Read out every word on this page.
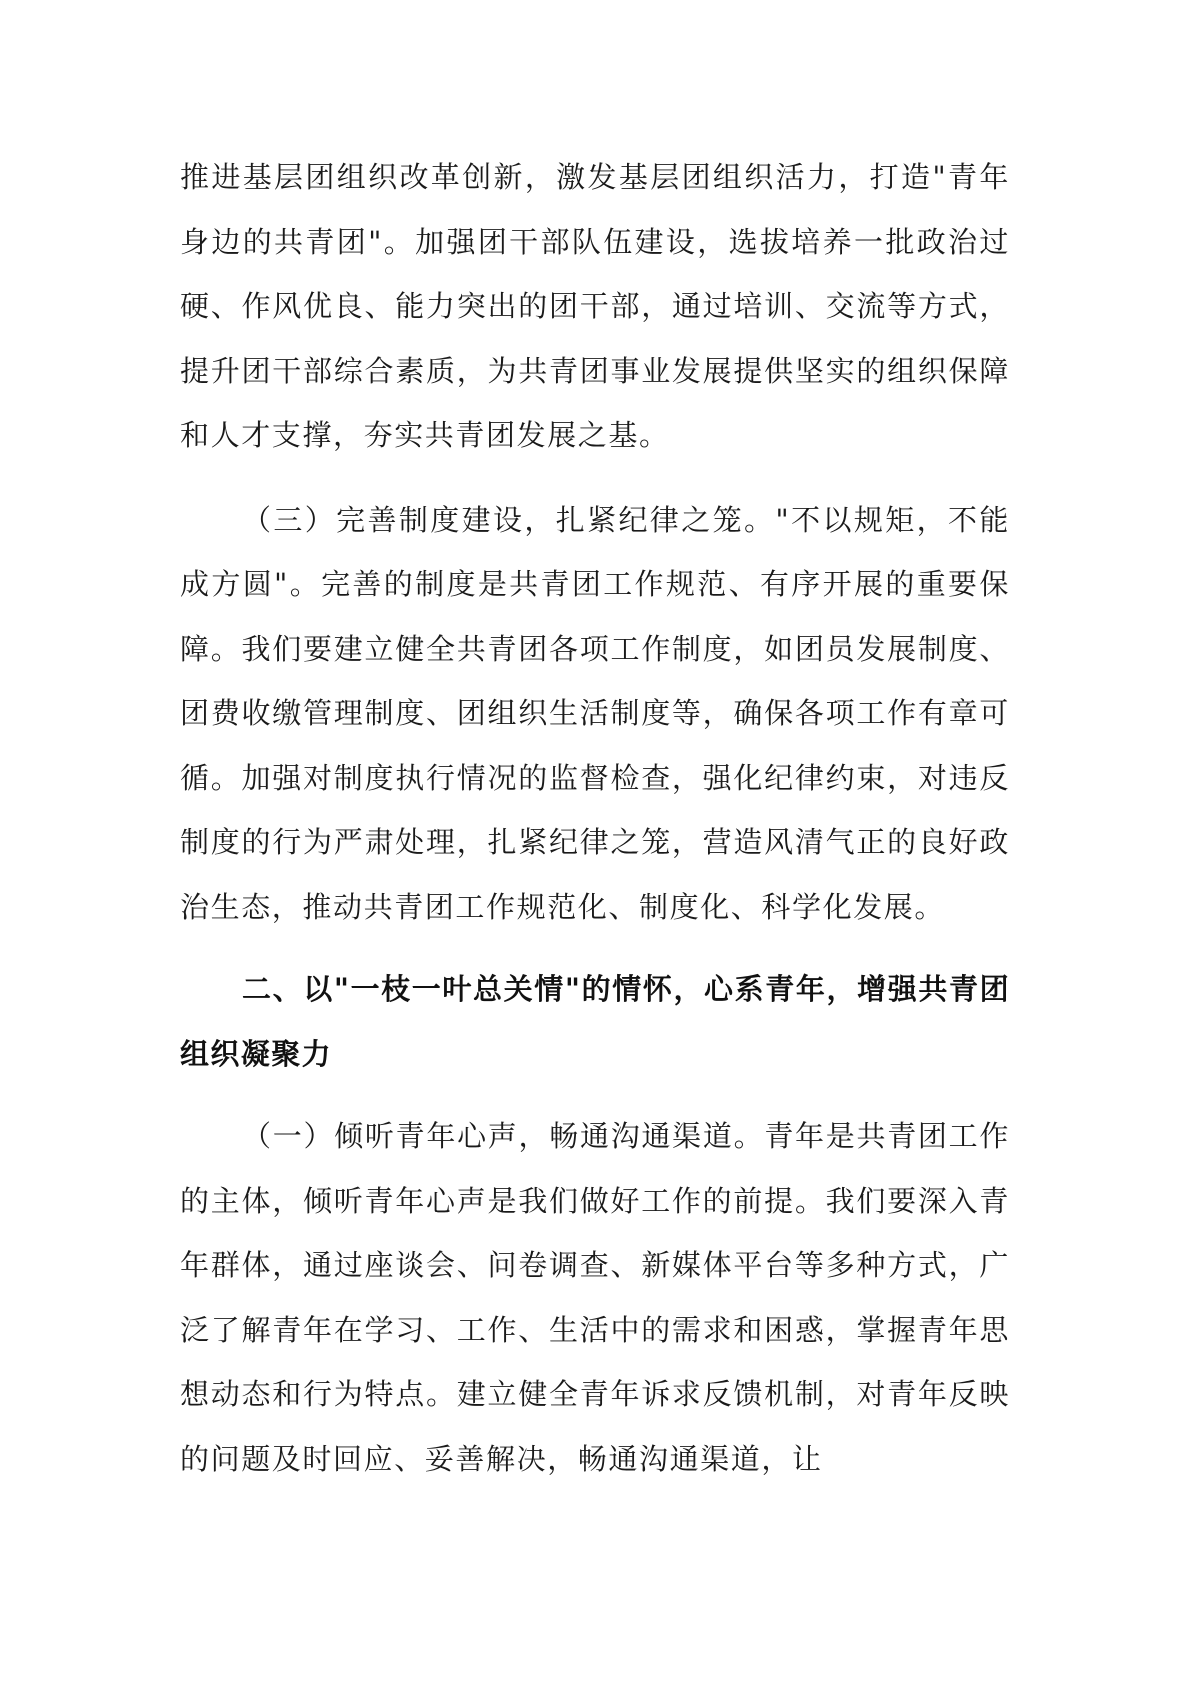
推进基层团组织改革创新，激发基层团组织活力，打造"青年身边的共青团"。加强团干部队伍建设，选拔培养一批政治过硬、作风优良、能力突出的团干部，通过培训、交流等方式，提升团干部综合素质，为共青团事业发展提供坚实的组织保障和人才支撑，夯实共青团发展之基。

（三）完善制度建设，扎紧纪律之笼。"不以规矩，不能成方圆"。完善的制度是共青团工作规范、有序开展的重要保障。我们要建立健全共青团各项工作制度，如团员发展制度、团费收缴管理制度、团组织生活制度等，确保各项工作有章可循。加强对制度执行情况的监督检查，强化纪律约束，对违反制度的行为严肃处理，扎紧纪律之笼，营造风清气正的良好政治生态，推动共青团工作规范化、制度化、科学化发展。

二、以"一枝一叶总关情"的情怀，心系青年，增强共青团组织凝聚力

（一）倾听青年心声，畅通沟通渠道。青年是共青团工作的主体，倾听青年心声是我们做好工作的前提。我们要深入青年群体，通过座谈会、问卷调查、新媒体平台等多种方式，广泛了解青年在学习、工作、生活中的需求和困惑，掌握青年思想动态和行为特点。建立健全青年诉求反馈机制，对青年反映的问题及时回应、妥善解决，畅通沟通渠道，让
